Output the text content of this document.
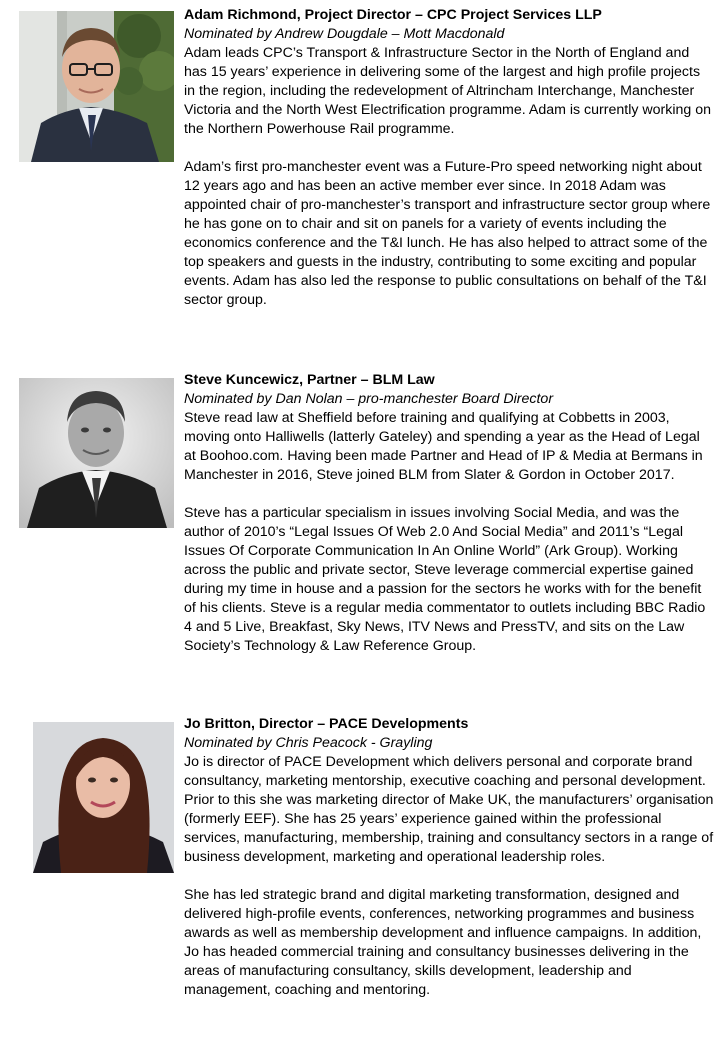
Adam Richmond, Project Director – CPC Project Services LLP
Nominated by Andrew Dougdale – Mott Macdonald

Adam leads CPC’s Transport & Infrastructure Sector in the North of England and has 15 years’ experience in delivering some of the largest and high profile projects in the region, including the redevelopment of Altrincham Interchange, Manchester Victoria and the North West Electrification programme. Adam is currently working on the Northern Powerhouse Rail programme.

Adam’s first pro-manchester event was a Future-Pro speed networking night about 12 years ago and has been an active member ever since. In 2018 Adam was appointed chair of pro-manchester’s transport and infrastructure sector group where he has gone on to chair and sit on panels for a variety of events including the economics conference and the T&I lunch. He has also helped to attract some of the top speakers and guests in the industry, contributing to some exciting and popular events. Adam has also led the response to public consultations on behalf of the T&I sector group.

Steve Kuncewicz, Partner – BLM Law
Nominated by Dan Nolan – pro-manchester Board Director

Steve read law at Sheffield before training and qualifying at Cobbetts in 2003, moving onto Halliwells (latterly Gateley) and spending a year as the Head of Legal at Boohoo.com. Having been made Partner and Head of IP & Media at Bermans in Manchester in 2016, Steve joined BLM from Slater & Gordon in October 2017.

Steve has a particular specialism in issues involving Social Media, and was the author of 2010’s “Legal Issues Of Web 2.0 And Social Media” and 2011’s “Legal Issues Of Corporate Communication In An Online World” (Ark Group). Working across the public and private sector, Steve leverage commercial expertise gained during my time in house and a passion for the sectors he works with for the benefit of his clients. Steve is a regular media commentator to outlets including BBC Radio 4 and 5 Live, Breakfast, Sky News, ITV News and PressTV, and sits on the Law Society’s Technology & Law Reference Group.

Jo Britton, Director – PACE Developments
Nominated by Chris Peacock - Grayling

Jo is director of PACE Development which delivers personal and corporate brand consultancy, marketing mentorship, executive coaching and personal development. Prior to this she was marketing director of Make UK, the manufacturers’ organisation (formerly EEF). She has 25 years’ experience gained within the professional services, manufacturing, membership, training and consultancy sectors in a range of business development, marketing and operational leadership roles.

She has led strategic brand and digital marketing transformation, designed and delivered high-profile events, conferences, networking programmes and business awards as well as membership development and influence campaigns. In addition, Jo has headed commercial training and consultancy businesses delivering in the areas of manufacturing consultancy, skills development, leadership and management, coaching and mentoring.
